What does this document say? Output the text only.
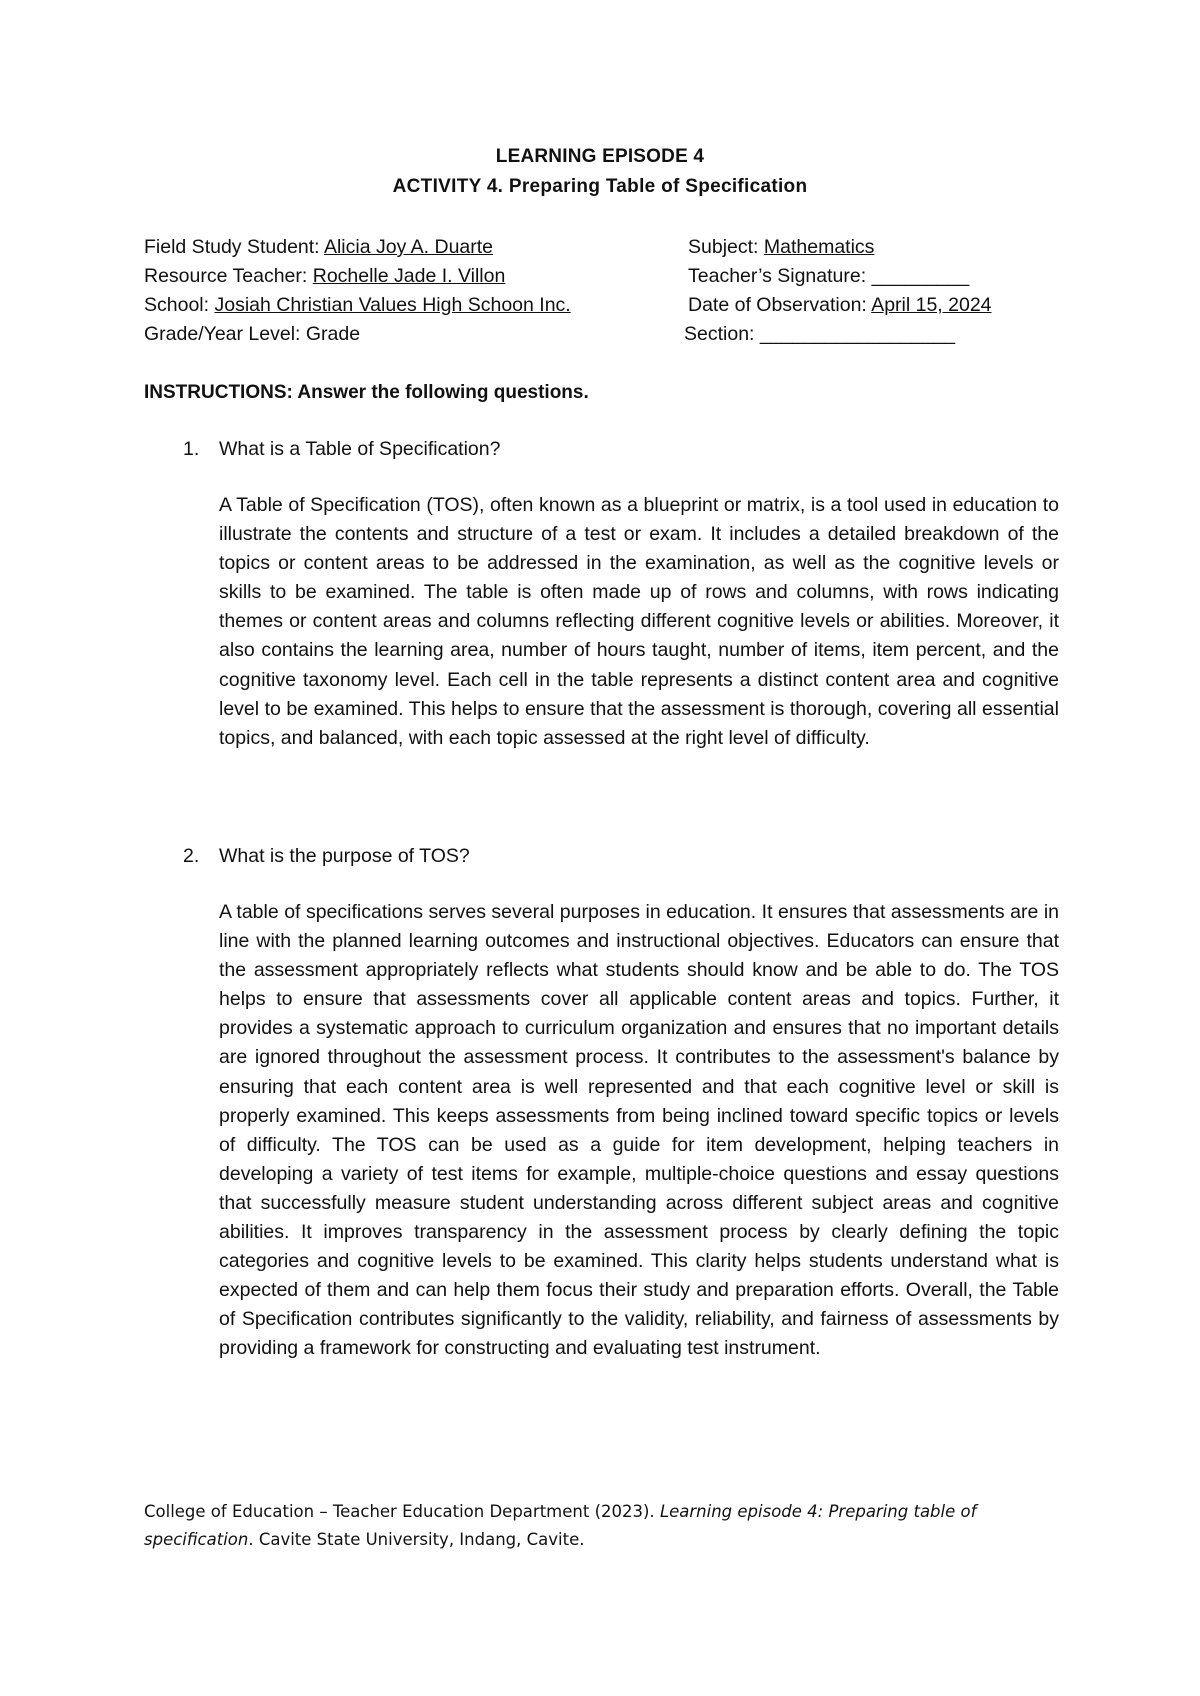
LEARNING EPISODE 4
ACTIVITY 4. Preparing Table of Specification
Field Study Student: Alicia Joy A. Duarte
Resource Teacher: Rochelle Jade I. Villon
School: Josiah Christian Values High Schoon Inc.
Grade/Year Level: Grade
Subject: Mathematics
Teacher’s Signature: _________
Date of Observation: April 15, 2024
Section: __________________
INSTRUCTIONS: Answer the following questions.
1. What is a Table of Specification?

A Table of Specification (TOS), often known as a blueprint or matrix, is a tool used in education to illustrate the contents and structure of a test or exam. It includes a detailed breakdown of the topics or content areas to be addressed in the examination, as well as the cognitive levels or skills to be examined. The table is often made up of rows and columns, with rows indicating themes or content areas and columns reflecting different cognitive levels or abilities. Moreover, it also contains the learning area, number of hours taught, number of items, item percent, and the cognitive taxonomy level. Each cell in the table represents a distinct content area and cognitive level to be examined. This helps to ensure that the assessment is thorough, covering all essential topics, and balanced, with each topic assessed at the right level of difficulty.

2. What is the purpose of TOS?

A table of specifications serves several purposes in education. It ensures that assessments are in line with the planned learning outcomes and instructional objectives. Educators can ensure that the assessment appropriately reflects what students should know and be able to do. The TOS helps to ensure that assessments cover all applicable content areas and topics. Further, it provides a systematic approach to curriculum organization and ensures that no important details are ignored throughout the assessment process. It contributes to the assessment's balance by ensuring that each content area is well represented and that each cognitive level or skill is properly examined. This keeps assessments from being inclined toward specific topics or levels of difficulty. The TOS can be used as a guide for item development, helping teachers in developing a variety of test items for example, multiple-choice questions and essay questions that successfully measure student understanding across different subject areas and cognitive abilities. It improves transparency in the assessment process by clearly defining the topic categories and cognitive levels to be examined. This clarity helps students understand what is expected of them and can help them focus their study and preparation efforts. Overall, the Table of Specification contributes significantly to the validity, reliability, and fairness of assessments by providing a framework for constructing and evaluating test instrument.

College of Education – Teacher Education Department (2023). Learning episode 4: Preparing table of specification. Cavite State University, Indang, Cavite.
